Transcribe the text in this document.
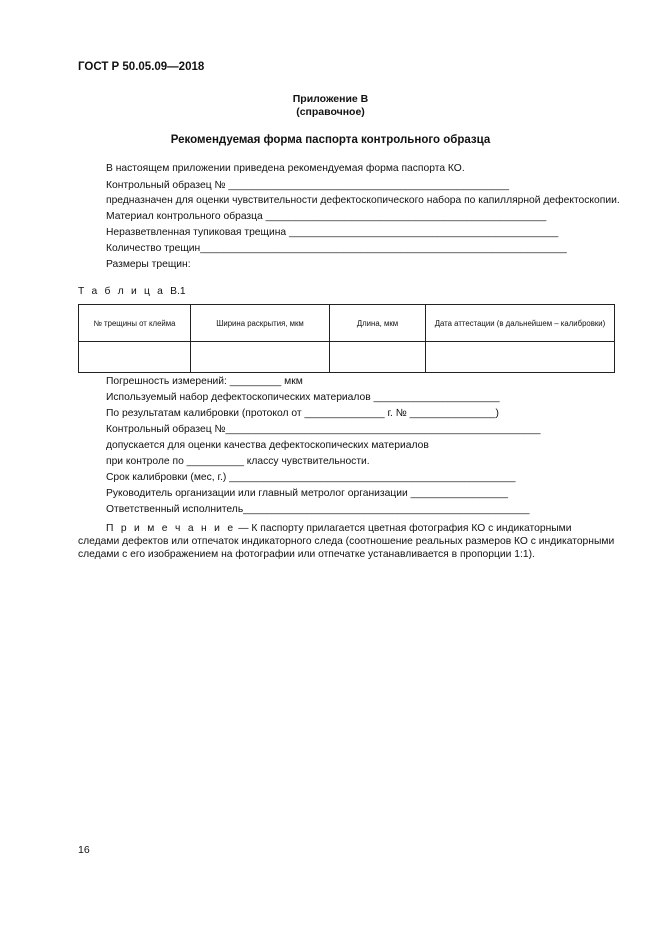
ГОСТ Р 50.05.09—2018
Приложение В
(справочное)
Рекомендуемая форма паспорта контрольного образца
В настоящем приложении приведена рекомендуемая форма паспорта КО.
Контрольный образец № _________________________________________________
предназначен для оценки чувствительности дефектоскопического набора по капиллярной дефектоскопии.
Материал контрольного образца _________________________________________________
Неразветвленная тупиковая трещина _______________________________________________
Количество трещин________________________________________________________________
Размеры трещин:
Т а б л и ц а В.1
№ трещины от клейма	Ширина раскрытия, мкм	Длина, мкм	Дата аттестации (в дальнейшем – калибровки)

Погрешность измерений: _________ мкм
Используемый набор дефектоскопических материалов ______________________
По результатам калибровки (протокол от ______________ г. № _______________)
Контрольный образец №_______________________________________________________
допускается для оценки качества дефектоскопических материалов
при контроле по __________ классу чувствительности.
Срок калибровки (мес, г.) __________________________________________________
Руководитель организации или главный метролог организации _________________
Ответственный исполнитель__________________________________________________
П р и м е ч а н и е — К паспорту прилагается цветная фотография КО с индикаторными следами дефектов или отпечаток индикаторного следа (соотношение реальных размеров КО с индикаторными следами с его изображением на фотографии или отпечатке устанавливается в пропорции 1:1).
16
